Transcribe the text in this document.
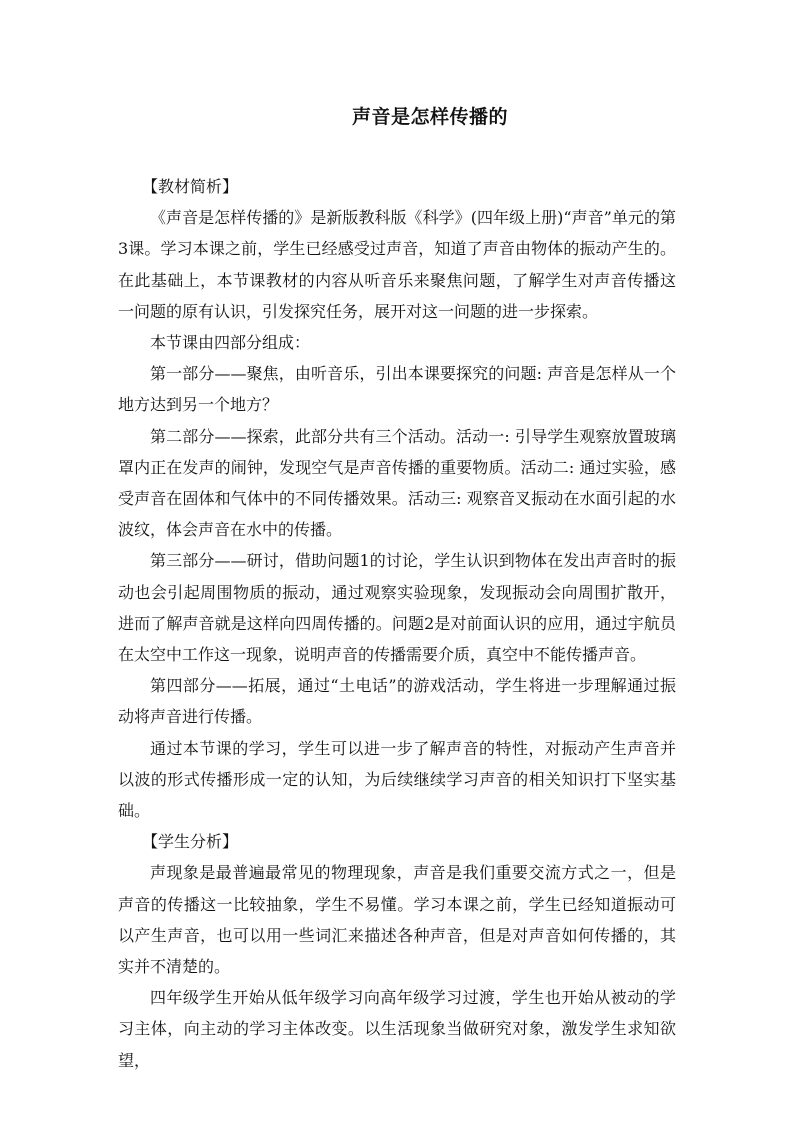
声音是怎样传播的

【教材简析】

《声音是怎样传播的》是新版教科版《科学》(四年级上册)“声音”单元的第3课。学习本课之前，学生已经感受过声音，知道了声音由物体的振动产生的。在此基础上，本节课教材的内容从听音乐来聚焦问题，了解学生对声音传播这一问题的原有认识，引发探究任务，展开对这一问题的进一步探索。

本节课由四部分组成：

第一部分——聚焦，由听音乐，引出本课要探究的问题: 声音是怎样从一个地方达到另一个地方？

第二部分——探索，此部分共有三个活动。活动一: 引导学生观察放置玻璃罩内正在发声的闹钟，发现空气是声音传播的重要物质。活动二: 通过实验，感受声音在固体和气体中的不同传播效果。活动三: 观察音叉振动在水面引起的水波纹，体会声音在水中的传播。

第三部分——研讨，借助问题1的讨论，学生认识到物体在发出声音时的振动也会引起周围物质的振动，通过观察实验现象，发现振动会向周围扩散开，进而了解声音就是这样向四周传播的。问题2是对前面认识的应用，通过宇航员在太空中工作这一现象，说明声音的传播需要介质，真空中不能传播声音。

第四部分——拓展，通过“土电话”的游戏活动，学生将进一步理解通过振动将声音进行传播。

通过本节课的学习，学生可以进一步了解声音的特性，对振动产生声音并以波的形式传播形成一定的认知，为后续继续学习声音的相关知识打下坚实基础。

【学生分析】

声现象是最普遍最常见的物理现象，声音是我们重要交流方式之一，但是声音的传播这一比较抽象，学生不易懂。学习本课之前，学生已经知道振动可以产生声音，也可以用一些词汇来描述各种声音，但是对声音如何传播的，其实并不清楚的。

四年级学生开始从低年级学习向高年级学习过渡，学生也开始从被动的学习主体，向主动的学习主体改变。以生活现象当做研究对象，激发学生求知欲望，
